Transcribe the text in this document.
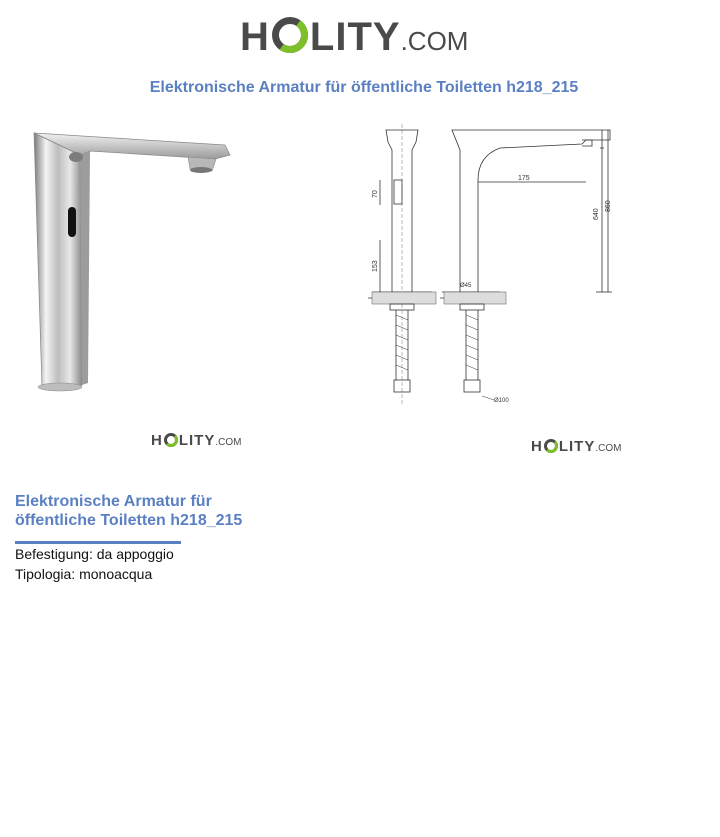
H LITY .COM
Elektronische Armatur für öffentliche Toiletten h218_215
70
153
175
640
860
Ø45
Ø100
H LITY .COM	H LITY .COM
Elektronische Armatur für
öffentliche Toiletten h218_215
Befestigung: da appoggio
Tipologia: monoacqua
